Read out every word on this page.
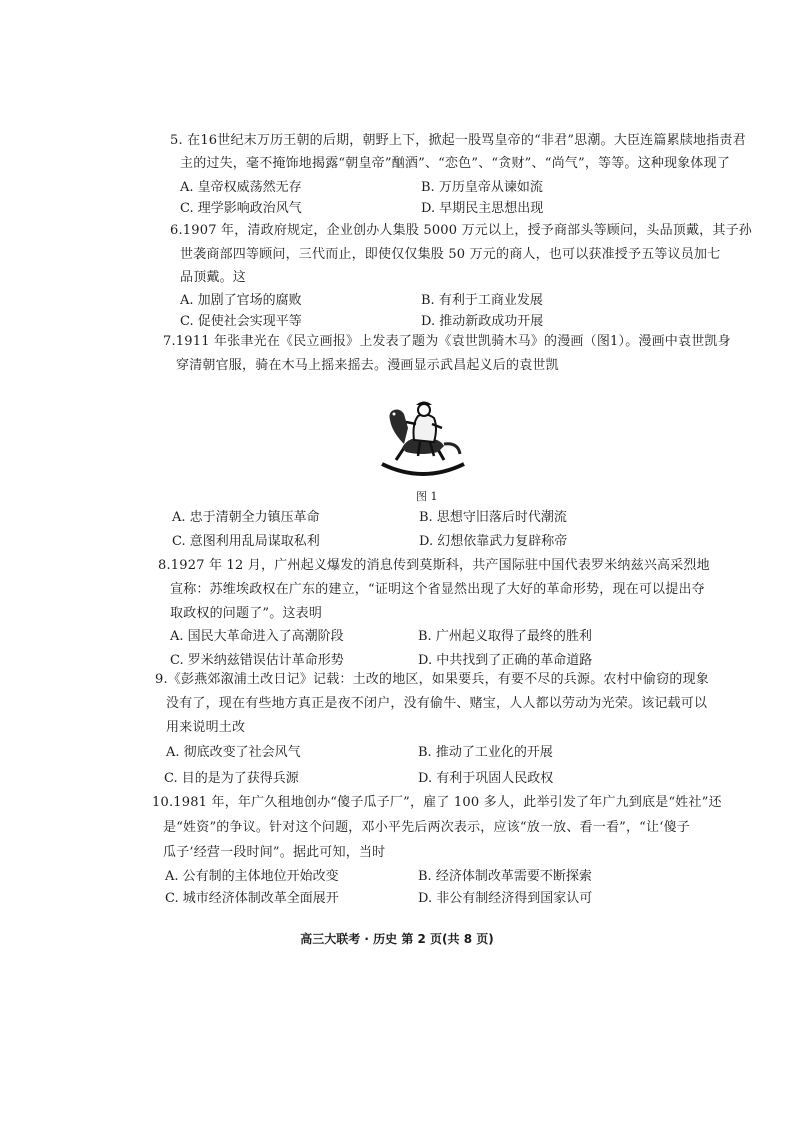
5. 在16世纪末万历王朝的后期，朝野上下，掀起一股骂皇帝的“非君”思潮。大臣连篇累牍地指责君
主的过失，毫不掩饰地揭露“朝皇帝”酗酒”、“恋色”、“贪财”、“尚气”，等等。这种现象体现了
A. 皇帝权威荡然无存	B. 万历皇帝从谏如流
C. 理学影响政治风气	D. 早期民主思想出现
6.1907 年，清政府规定，企业创办人集股 5000 万元以上，授予商部头等顾问，头品顶戴，其子孙
世袭商部四等顾问，三代而止，即使仅仅集股 50 万元的商人，也可以获准授予五等议员加七
品顶戴。这
A. 加剧了官场的腐败	B. 有利于工商业发展
C. 促使社会实现平等	D. 推动新政成功开展
7.1911 年张聿光在《民立画报》上发表了题为《袁世凯骑木马》的漫画（图1）。漫画中袁世凯身
穿清朝官服，骑在木马上摇来摇去。漫画显示武昌起义后的袁世凯
图 1
A. 忠于清朝全力镇压革命	B. 思想守旧落后时代潮流
C. 意图利用乱局谋取私利	D. 幻想依靠武力复辟称帝
8.1927 年 12 月，广州起义爆发的消息传到莫斯科，共产国际驻中国代表罗米纳兹兴高采烈地
宣称：苏维埃政权在广东的建立，“证明这个省显然出现了大好的革命形势，现在可以提出夺
取政权的问题了”。这表明
A. 国民大革命进入了高潮阶段	B. 广州起义取得了最终的胜利
C. 罗米纳兹错误估计革命形势	D. 中共找到了正确的革命道路
9.《彭燕郊溆浦土改日记》记载：土改的地区，如果要兵，有要不尽的兵源。农村中偷窃的现象
没有了，现在有些地方真正是夜不闭户，没有偷牛、赌宝，人人都以劳动为光荣。该记载可以
用来说明土改
A. 彻底改变了社会风气	B. 推动了工业化的开展
C. 目的是为了获得兵源	D. 有利于巩固人民政权
10.1981 年，年广久租地创办“傻子瓜子厂”，雇了 100 多人，此举引发了年广九到底是“姓社”还
是“姓资”的争议。针对这个问题，邓小平先后两次表示，应该“放一放、看一看”，“让‘傻子
瓜子’经营一段时间”。据此可知，当时
A. 公有制的主体地位开始改变	B. 经济体制改革需要不断探索
C. 城市经济体制改革全面展开	D. 非公有制经济得到国家认可
高三大联考 · 历史 第 2 页(共 8 页)
